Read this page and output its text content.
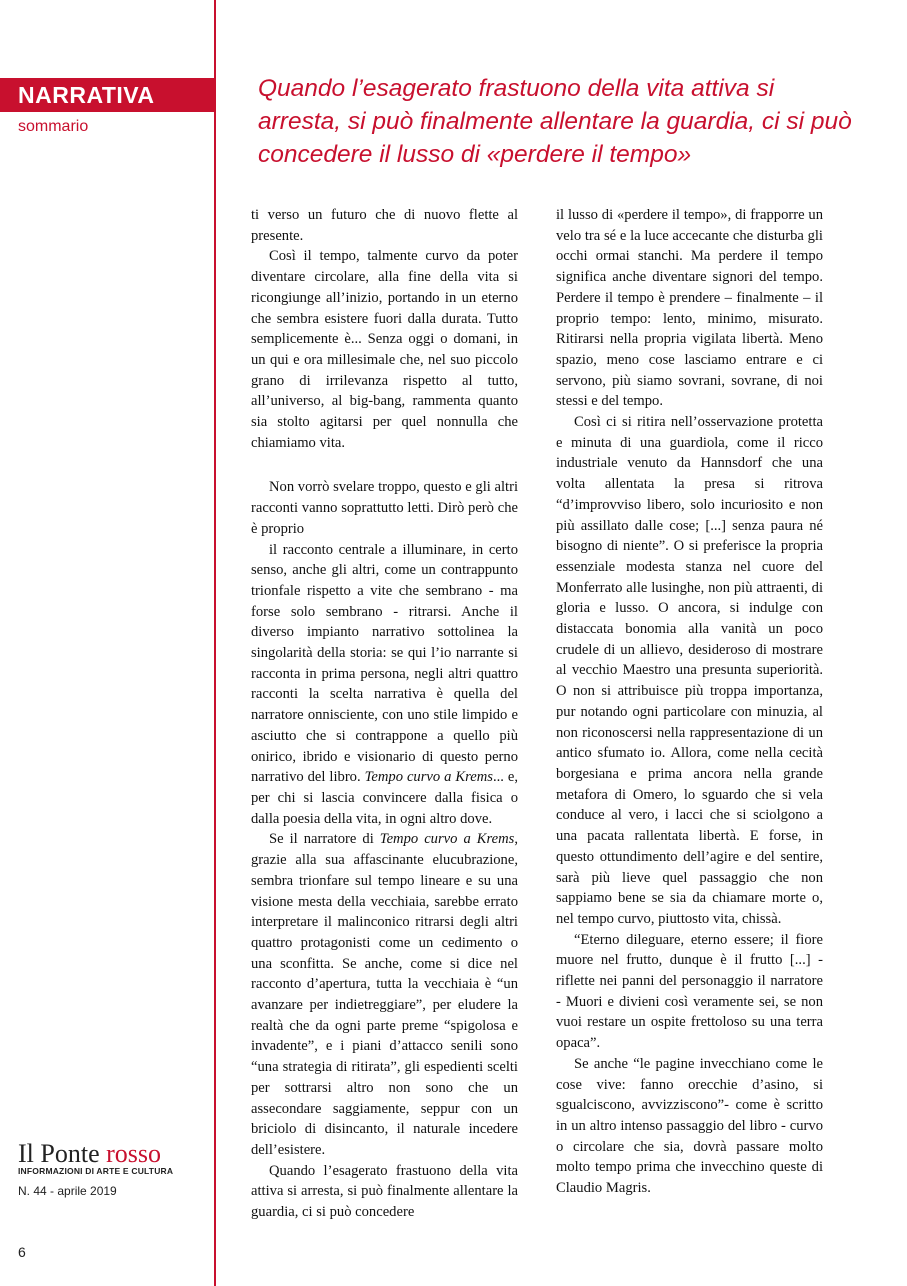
NARRATIVA
sommario
Quando l’esagerato frastuono della vita attiva si arresta, si può finalmente allentare la guardia, ci si può concedere il lusso di «perdere il tempo»

ti verso un futuro che di nuovo flette al presente.

Così il tempo, talmente curvo da poter diventare circolare, alla fine della vita si ricongiunge all’inizio, portando in un eterno che sembra esistere fuori dalla durata. Tutto semplicemente è... Senza oggi o domani, in un qui e ora millesimale che, nel suo piccolo grano di irrilevanza rispetto al tutto, all’universo, al big-bang, rammenta quanto sia stolto agitarsi per quel nonnulla che chiamiamo vita.

Non vorrò svelare troppo, questo e gli altri racconti vanno soprattutto letti. Dirò però che è proprio

il racconto centrale a illuminare, in certo senso, anche gli altri, come un contrappunto trionfale rispetto a vite che sembrano - ma forse solo sembrano - ritrarsi. Anche il diverso impianto narrativo sottolinea la singolarità della storia: se qui l’io narrante si racconta in prima persona, negli altri quattro racconti la scelta narrativa è quella del narratore onnisciente, con uno stile limpido e asciutto che si contrappone a quello più onirico, ibrido e visionario di questo perno narrativo del libro. Tempo curvo a Krems... e, per chi si lascia convincere dalla fisica o dalla poesia della vita, in ogni altro dove.

Se il narratore di Tempo curvo a Krems, grazie alla sua affascinante elucubrazione, sembra trionfare sul tempo lineare e su una visione mesta della vecchiaia, sarebbe errato interpretare il malinconico ritrarsi degli altri quattro protagonisti come un cedimento o una sconfitta. Se anche, come si dice nel racconto d’apertura, tutta la vecchiaia è “un avanzare per indietreggiare”, per eludere la realtà che da ogni parte preme “spigolosa e invadente”, e i piani d’attacco senili sono “una strategia di ritirata”, gli espedienti scelti per sottrarsi altro non sono che un assecondare saggiamente, seppur con un briciolo di disincanto, il naturale incedere dell’esistere.

Quando l’esagerato frastuono della vita attiva si arresta, si può finalmente allentare la guardia, ci si può concedere

il lusso di «perdere il tempo», di frapporre un velo tra sé e la luce accecante che disturba gli occhi ormai stanchi. Ma perdere il tempo significa anche diventare signori del tempo. Perdere il tempo è prendere – finalmente – il proprio tempo: lento, minimo, misurato. Ritirarsi nella propria vigilata libertà. Meno spazio, meno cose lasciamo entrare e ci servono, più siamo sovrani, sovrane, di noi stessi e del tempo.

Così ci si ritira nell’osservazione protetta e minuta di una guardiola, come il ricco industriale venuto da Hannsdorf che una volta allentata la presa si ritrova “d’improvviso libero, solo incuriosito e non più assillato dalle cose; [...] senza paura né bisogno di niente”. O si preferisce la propria essenziale modesta stanza nel cuore del Monferrato alle lusinghe, non più attraenti, di gloria e lusso. O ancora, si indulge con distaccata bonomia alla vanità un poco crudele di un allievo, desideroso di mostrare al vecchio Maestro una presunta superiorità. O non si attribuisce più troppa importanza, pur notando ogni particolare con minuzia, al non riconoscersi nella rappresentazione di un antico sfumato io. Allora, come nella cecità borgesiana e prima ancora nella grande metafora di Omero, lo sguardo che si vela conduce al vero, i lacci che si sciolgono a una pacata rallentata libertà. E forse, in questo ottundimento dell’agire e del sentire, sarà più lieve quel passaggio che non sappiamo bene se sia da chiamare morte o, nel tempo curvo, piuttosto vita, chissà.

“Eterno dileguare, eterno essere; il fiore muore nel frutto, dunque è il frutto [...] - riflette nei panni del personaggio il narratore - Muori e divieni così veramente sei, se non vuoi restare un ospite frettoloso su una terra opaca”.

Se anche “le pagine invecchiano come le cose vive: fanno orecchie d’asino, si sgualciscono, avvizziscono”- come è scritto in un altro intenso passaggio del libro - curvo o circolare che sia, dovrà passare molto molto tempo prima che invecchino queste di Claudio Magris.

Il Ponte rosso
INFORMAZIONI DI ARTE E CULTURA
N. 44 - aprile 2019
6
